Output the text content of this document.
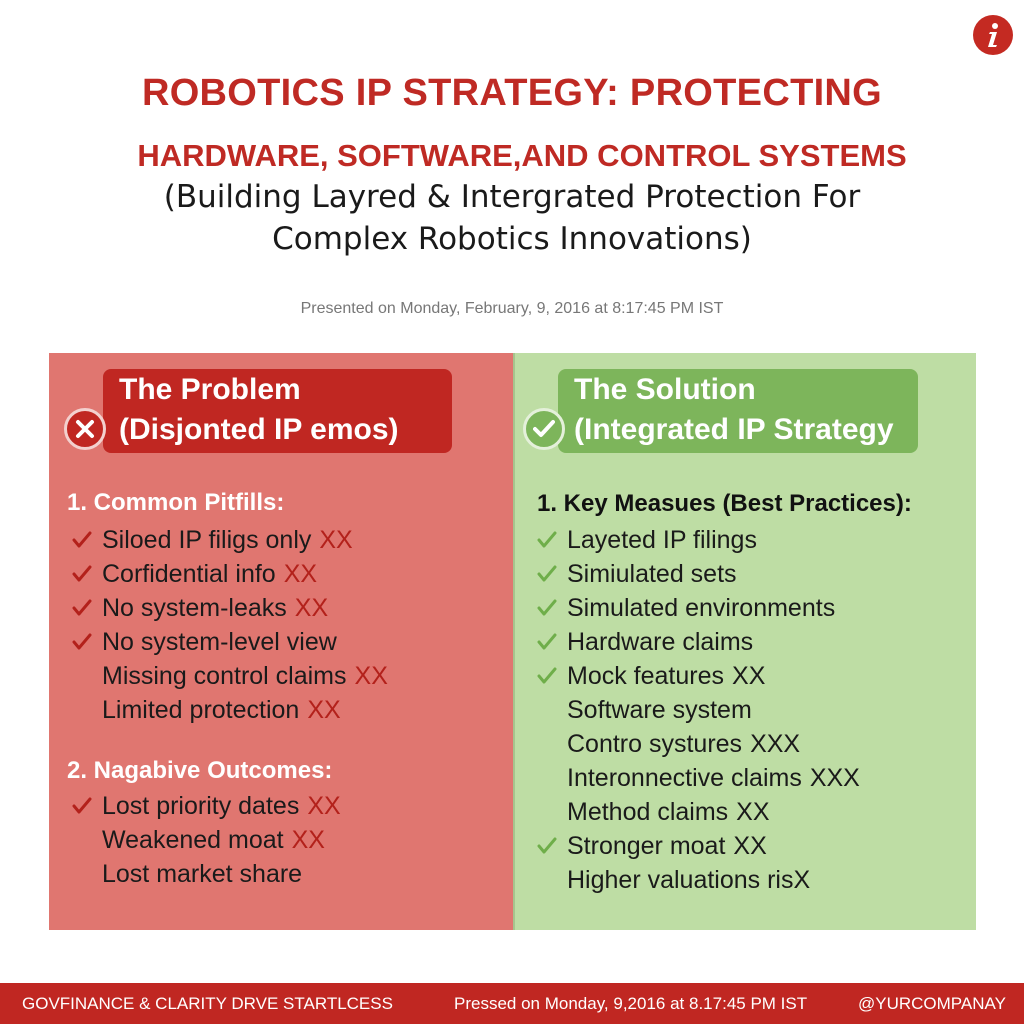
ROBOTICS IP STRATEGY: PROTECTING
HARDWARE, SOFTWARE,AND CONTROL SYSTEMS

(Building Layred & Intergrated Protection For Complex Robotics Innovations)

Presented on Monday, February, 9, 2016 at 8:17:45 PM IST
The Problem
(Disjonted IP emos)
1. Common Pitfills:
Siloed IP filigs only XX
Corfidential info XX
No system-leaks XX
No system-level view
Missing control claims XX
Limited protection XX
2. Nagabive Outcomes:
Lost priority dates XX
Weakened moat XX
Lost market share
The Solution
(Integrated IP Strategy
1. Key Measues (Best Practices):
Layeted IP filings
Simiulated sets
Simulated environments
Hardware claims
Mock features XX
Software system
Contro systures XXX
Interonnective claims XXX
Method claims XX
Stronger moat XX
Higher valuations risX
GOVFINANCE & CLARITY DRVE STARTLCESS	Pressed on Monday, 9,2016 at 8.17:45 PM IST	@YURCOMPANAY
